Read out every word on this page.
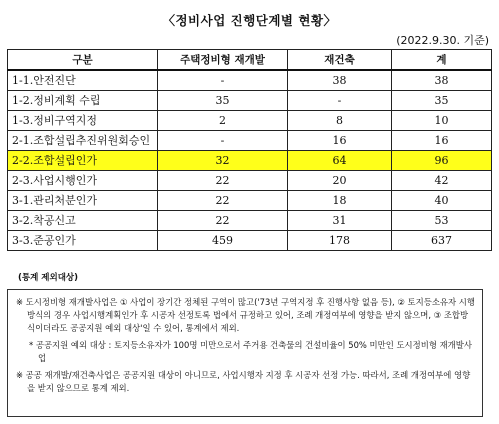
〈정비사업 진행단계별 현황〉
(2022.9.30. 기준)
구분	주택정비형 재개발	재건축	계
1-1.안전진단	-	38	38
1-2.정비계획 수립	35	-	35
1-3.정비구역지정	2	8	10
2-1.조합설립추진위원회승인	-	16	16
2-2.조합설립인가	32	64	96
2-3.사업시행인가	22	20	42
3-1.관리처분인가	22	18	40
3-2.착공신고	22	31	53
3-3.준공인가	459	178	637
(통계 제외대상)

※ 도시정비형 재개발사업은 ① 사업이 장기간 정체된 구역이 많고('73년 구역지정 후 진행사항 없음 등), ② 토지등소유자 시행방식의 경우 사업시행계획인가 후 시공자 선정토록 법에서 규정하고 있어, 조례 개정여부에 영향을 받지 않으며, ③ 조합방식이더라도 공공지원 예외 대상'일 수 있어, 통계에서 제외.

* 공공지원 예외 대상 : 토지등소유자가 100명 미만으로서 주거용 건축물의 건설비율이 50% 미만인 도시정비형 재개발사업

※ 공공 재개발/재건축사업은 공공지원 대상이 아니므로, 사업시행자 지정 후 시공자 선정 가능. 따라서, 조례 개정여부에 영향을 받지 않으므로 통계 제외.
